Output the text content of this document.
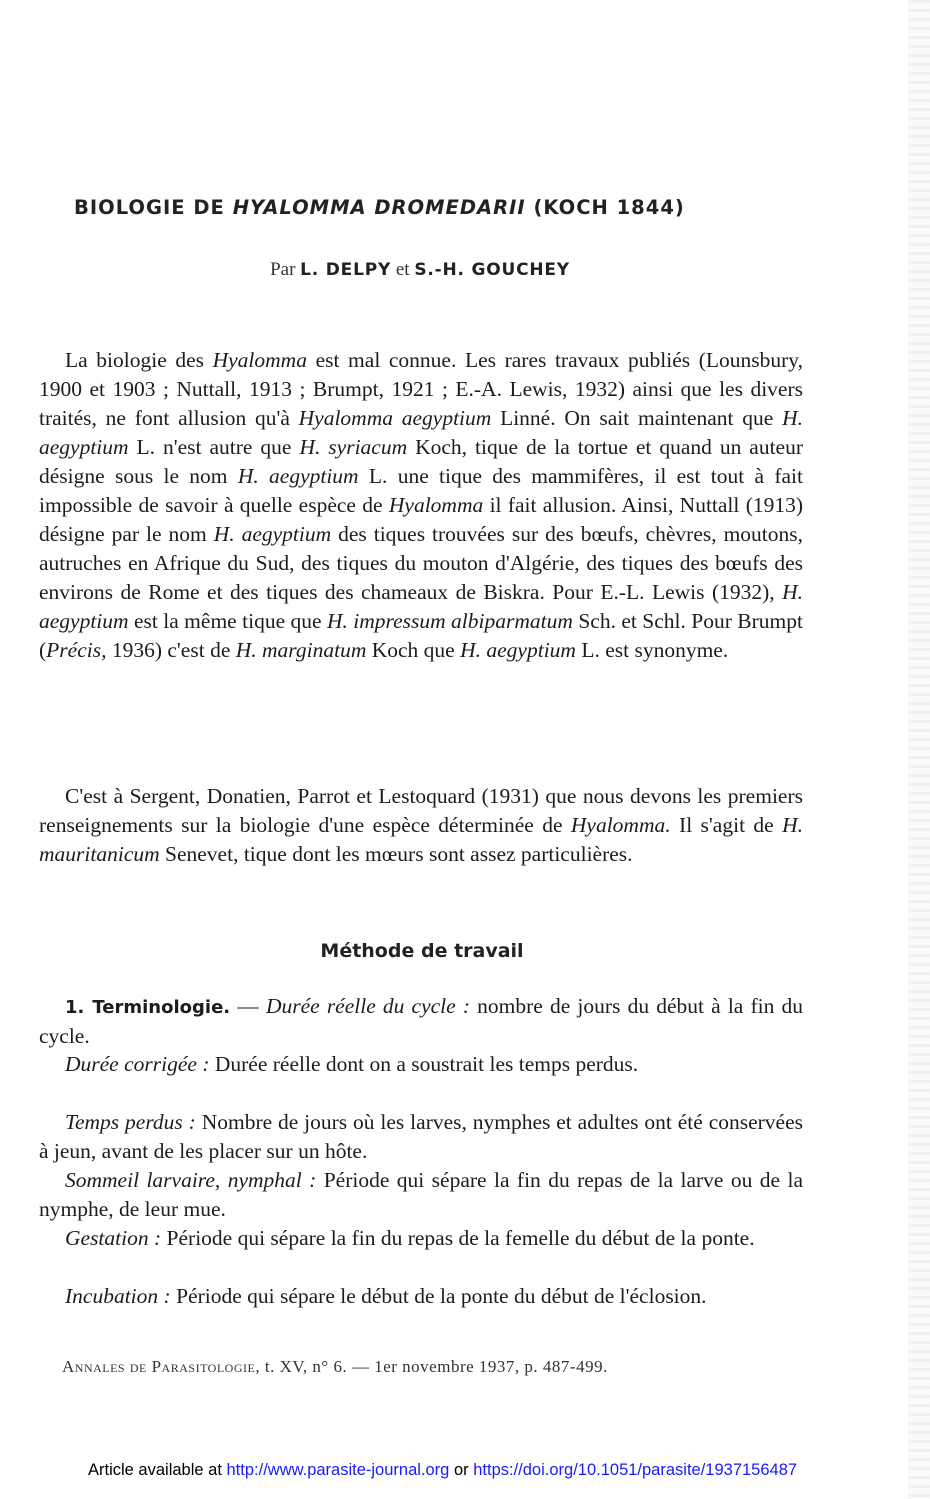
BIOLOGIE DE HYALOMMA DROMEDARII (KOCH 1844)
Par L. DELPY et S.-H. GOUCHEY

La biologie des Hyalomma est mal connue. Les rares travaux publiés (Lounsbury, 1900 et 1903 ; Nuttall, 1913 ; Brumpt, 1921 ; E.-A. Lewis, 1932) ainsi que les divers traités, ne font allusion qu'à Hyalomma aegyptium Linné. On sait maintenant que H. aegyptium L. n'est autre que H. syriacum Koch, tique de la tortue et quand un auteur désigne sous le nom H. aegyptium L. une tique des mammifères, il est tout à fait impossible de savoir à quelle espèce de Hyalomma il fait allusion. Ainsi, Nuttall (1913) désigne par le nom H. aegyptium des tiques trouvées sur des bœufs, chèvres, moutons, autruches en Afrique du Sud, des tiques du mouton d'Algérie, des tiques des bœufs des environs de Rome et des tiques des chameaux de Biskra. Pour E.-L. Lewis (1932), H. aegyptium est la même tique que H. impressum albiparmatum Sch. et Schl. Pour Brumpt (Précis, 1936) c'est de H. marginatum Koch que H. aegyptium L. est synonyme.

C'est à Sergent, Donatien, Parrot et Lestoquard (1931) que nous devons les premiers renseignements sur la biologie d'une espèce déterminée de Hyalomma. Il s'agit de H. mauritanicum Senevet, tique dont les mœurs sont assez particulières.

Méthode de travail

1. Terminologie. — Durée réelle du cycle : nombre de jours du début à la fin du cycle.

Durée corrigée : Durée réelle dont on a soustrait les temps perdus.

Temps perdus : Nombre de jours où les larves, nymphes et adultes ont été conservées à jeun, avant de les placer sur un hôte.

Sommeil larvaire, nymphal : Période qui sépare la fin du repas de la larve ou de la nymphe, de leur mue.

Gestation : Période qui sépare la fin du repas de la femelle du début de la ponte.

Incubation : Période qui sépare le début de la ponte du début de l'éclosion.

Annales de Parasitologie, t. XV, n° 6. — 1er novembre 1937, p. 487-499.
Article available at http://www.parasite-journal.org or https://doi.org/10.1051/parasite/1937156487
